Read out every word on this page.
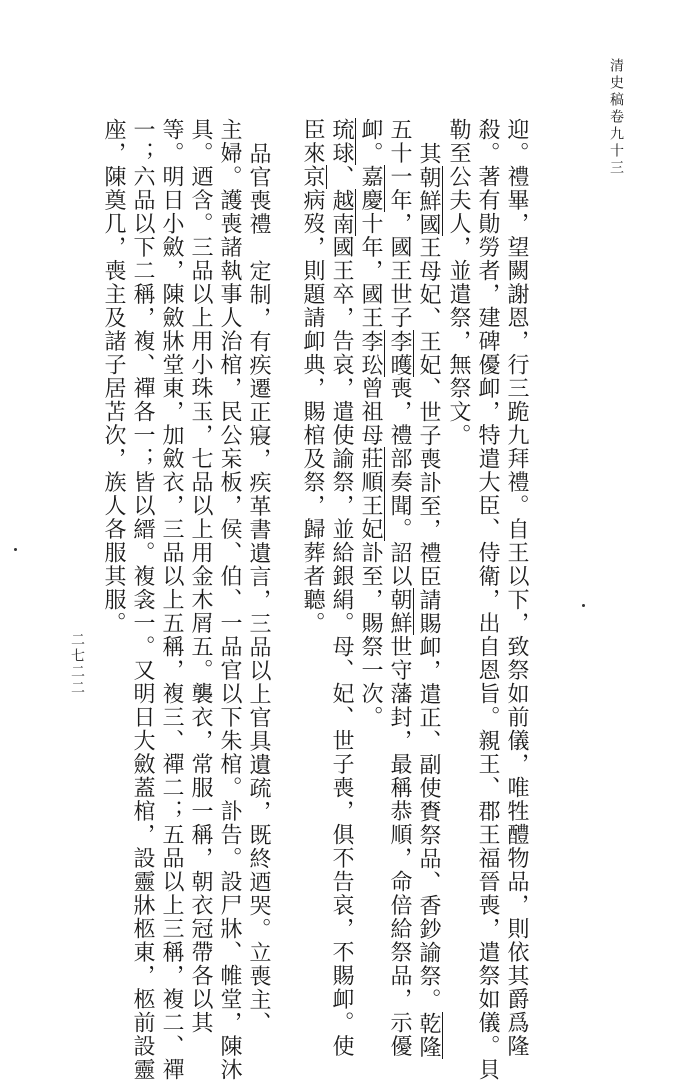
清史稿卷九十三
二七二二	迎。禮畢，望闕謝恩，行三跪九拜禮。自王以下，致祭如前儀，唯牲醴物品，則依其爵爲隆
殺。著有勛勞者，建碑優卹，特遣大臣、侍衛，出自恩旨。親王、郡王福晉喪，遣祭如儀。貝
勒至公夫人，並遣祭，無祭文。
其朝鮮國王母妃、王妃、世子喪訃至，禮臣請賜卹，遣正、副使賚祭品、香鈔諭祭。乾隆
五十一年，國王世子李㬦喪，禮部奏聞。詔以朝鮮世守藩封，最稱恭順，命倍給祭品，示優
卹。嘉慶十年，國王李玜曾祖母莊順王妃訃至，賜祭一次。
琉球、越南國王卒，告哀，遣使諭祭，並給銀絹。母、妃、世子喪，俱不告哀，不賜卹。使
臣來京病歿，則題請卹典，賜棺及祭，歸葬者聽。
品官喪禮　定制，有疾遷正寢，疾革書遺言，三品以上官具遺疏，既終迺哭。立喪主、
主婦。護喪諸執事人治棺，民公杗板，侯、伯、一品官以下朱棺。訃告。設尸牀、帷堂，陳沐
具。迺含。三品以上用小珠玉，七品以上用金木屑五。襲衣，常服一稱，朝衣冠帶各以其
等。明日小斂，陳斂牀堂東，加斂衣，三品以上五稱，複三、禪二；五品以上三稱，複二、禪
一；六品以下二稱，複、禪各一；皆以縉。複衾一。又明日大斂蓋棺，設靈牀柩東，柩前設靈
座，陳奠几，喪主及諸子居苫次，族人各服其服。
